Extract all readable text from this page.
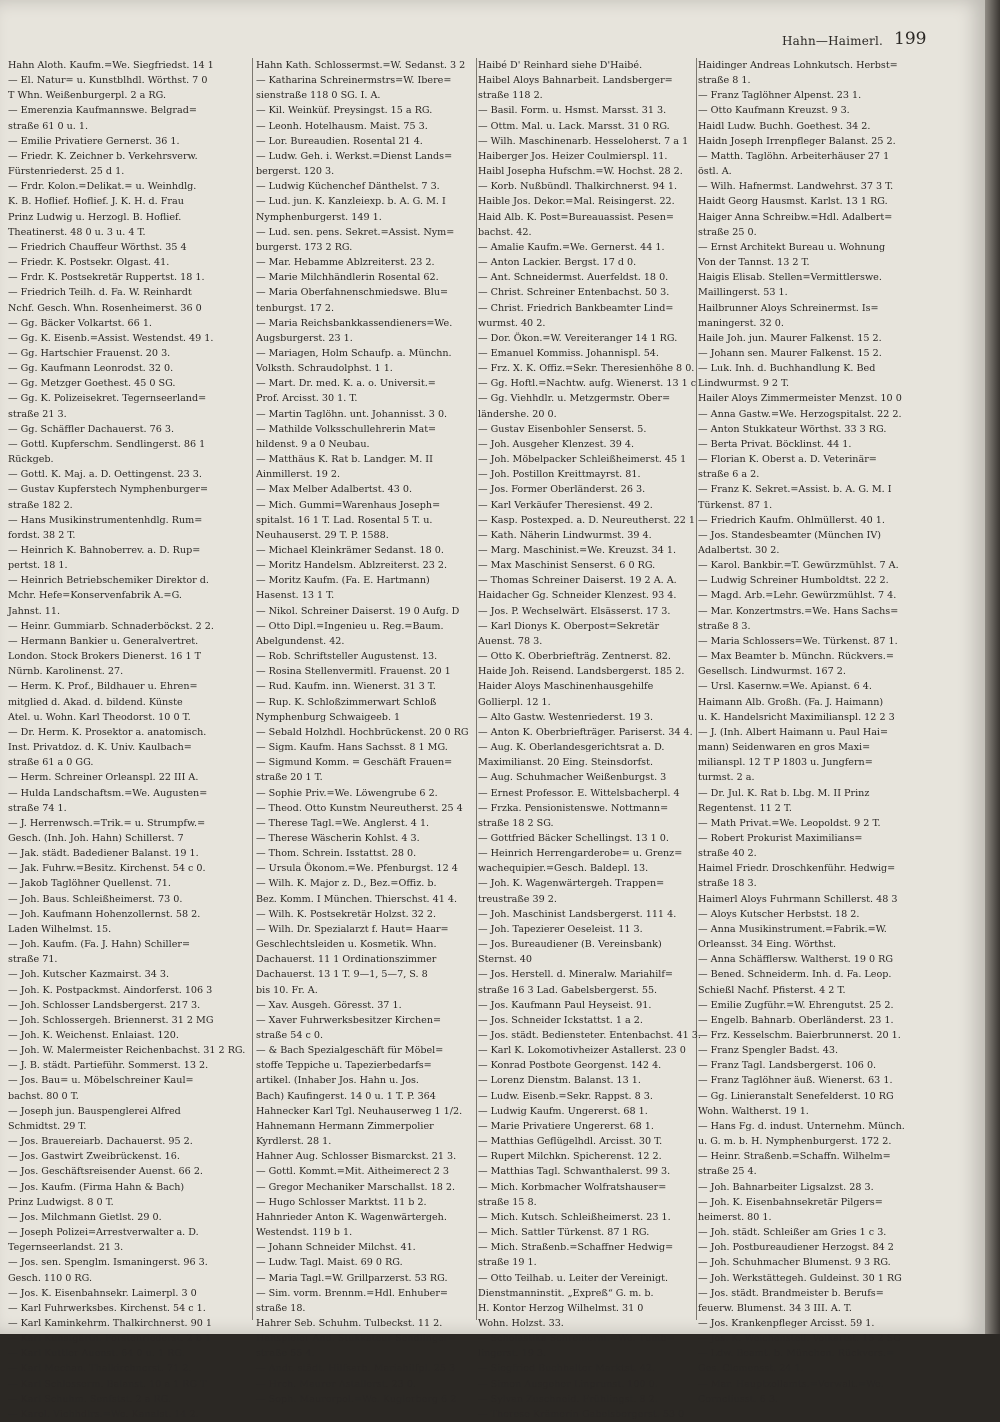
Hahn—Haimerl. 199
Hahn Aloth. Kaufm.=We. Siegfriedst. 14 1
— El. Natur= u. Kunstblhdl. Wörthst. 7 0
T Whn. Weißenburgerpl. 2 a RG.
— Emerenzia Kaufmannswe. Belgrad=
straße 61 0 u. 1.
— Emilie Privatiere Gernerst. 36 1.
— Friedr. K. Zeichner b. Verkehrsverw.
Fürstenriederst. 25 d 1.
— Frdr. Kolon.=Delikat.= u. Weinhdlg.
K. B. Hoflief. Hoflief. J. K. H. d. Frau
Prinz Ludwig u. Herzogl. B. Hoflief.
Theatinerst. 48 0 u. 3 u. 4 T.
— Friedrich Chauffeur Wörthst. 35 4
— Friedr. K. Postsekr. Olgast. 41.
— Frdr. K. Postsekretär Ruppertst. 18 1.
— Friedrich Teilh. d. Fa. W. Reinhardt
Nchf. Gesch. Whn. Rosenheimerst. 36 0
— Gg. Bäcker Volkartst. 66 1.
— Gg. K. Eisenb.=Assist. Westendst. 49 1.
— Gg. Hartschier Frauenst. 20 3.
— Gg. Kaufmann Leonrodst. 32 0.
— Gg. Metzger Goethest. 45 0 SG.
— Gg. K. Polizeisekret. Tegernseerland=
straße 21 3.
— Gg. Schäffler Dachauerst. 76 3.
— Gottl. Kupferschm. Sendlingerst. 86 1
Rückgeb.
— Gottl. K. Maj. a. D. Oettingenst. 23 3.
— Gustav Kupferstech Nymphenburger=
straße 182 2.
— Hans Musikinstrumentenhdlg. Rum=
fordst. 38 2 T.
— Heinrich K. Bahnoberrev. a. D. Rup=
pertst. 18 1.
— Heinrich Betriebschemiker Direktor d.
Mchr. Hefe=Konservenfabrik A.=G.
Jahnst. 11.
— Heinr. Gummiarb. Schnaderböckst. 2 2.
— Hermann Bankier u. Generalvertret.
London. Stock Brokers Dienerst. 16 1 T
Nürnb. Karolinenst. 27.
— Herm. K. Prof., Bildhauer u. Ehren=
mitglied d. Akad. d. bildend. Künste
Atel. u. Wohn. Karl Theodorst. 10 0 T.
— Dr. Herm. K. Prosektor a. anatomisch.
Inst. Privatdoz. d. K. Univ. Kaulbach=
straße 61 a 0 GG.
— Herm. Schreiner Orleanspl. 22 III A.
— Hulda Landschaftsm.=We. Augusten=
straße 74 1.
— J. Herrenwsch.=Trik.= u. Strumpfw.=
Gesch. (Inh. Joh. Hahn) Schillerst. 7
— Jak. städt. Badediener Balanst. 19 1.
— Jak. Fuhrw.=Besitz. Kirchenst. 54 c 0.
— Jakob Taglöhner Quellenst. 71.
— Joh. Baus. Schleißheimerst. 73 0.
— Joh. Kaufmann Hohenzollernst. 58 2.
Laden Wilhelmst. 15.
— Joh. Kaufm. (Fa. J. Hahn) Schiller=
straße 71.
— Joh. Kutscher Kazmairst. 34 3.
— Joh. K. Postpackmst. Aindorferst. 106 3
— Joh. Schlosser Landsbergerst. 217 3.
— Joh. Schlossergeh. Briennerst. 31 2 MG
— Joh. K. Weichenst. Enlaiast. 120.
— Joh. W. Malermeister Reichenbachst. 31 2 RG.
— J. B. städt. Partieführ. Sommerst. 13 2.
— Jos. Bau= u. Möbelschreiner Kaul=
bachst. 80 0 T.
— Joseph jun. Bauspenglerei Alfred
Schmidtst. 29 T.
— Jos. Brauereiarb. Dachauerst. 95 2.
— Jos. Gastwirt Zweibrückenst. 16.
— Jos. Geschäftsreisender Auenst. 66 2.
— Jos. Kaufm. (Firma Hahn & Bach)
Prinz Ludwigst. 8 0 T.
— Jos. Milchmann Gietlst. 29 0.
— Joseph Polizei=Arrestverwalter a. D.
Tegernseerlandst. 21 3.
— Jos. sen. Spenglm. Ismaningerst. 96 3.
Gesch. 110 0 RG.
— Jos. K. Eisenbahnsekr. Laimerpl. 3 0
— Karl Fuhrwerksbes. Kirchenst. 54 c 1.
— Karl Kaminkehrm. Thalkirchnerst. 90 1
— Karl Kunstgärtn. Forstenriederst. 2 b 1
— Karl Kuttler Auenst. 64 0 u. 1 RG.
— Karl Mechan. Thalkirchnerst. 71 2.
— Karl Schlosserm. Balanst. 10 a 1 RG T
— Karl Schuhm. Senfstst. 2 a RG.
— Karol. Viehhdlrs.=We. Kanalst. 14 2.
Hahn Kath. Schlossermst.=W. Sedanst. 3 2
— Katharina Schreinermstrs=W. Ibere=
sienstraße 118 0 SG. I. A.
— Kil. Weinküf. Preysingst. 15 a RG.
— Leonh. Hotelhausm. Maist. 75 3.
— Lor. Bureaudien. Rosental 21 4.
— Ludw. Geh. i. Werkst.=Dienst Lands=
bergerst. 120 3.
— Ludwig Küchenchef Dänthelst. 7 3.
— Lud. jun. K. Kanzleiexp. b. A. G. M. I
Nymphenburgerst. 149 1.
— Lud. sen. pens. Sekret.=Assist. Nym=
burgerst. 173 2 RG.
— Mar. Hebamme Ablzreiterst. 23 2.
— Marie Milchhändlerin Rosental 62.
— Maria Oberfahnenschmiedswe. Blu=
tenburgst. 17 2.
— Maria Reichsbankkassendieners=We.
Augsburgerst. 23 1.
— Mariagen, Holm Schaufp. a. Münchn.
Volksth. Schraudolphst. 1 1.
— Mart. Dr. med. K. a. o. Universit.=
Prof. Arcisst. 30 1. T.
— Martin Taglöhn. unt. Johannisst. 3 0.
— Mathilde Volksschullehrerin Mat=
hildenst. 9 a 0 Neubau.
— Matthäus K. Rat b. Landger. M. II
Ainmillerst. 19 2.
— Max Melber Adalbertst. 43 0.
— Mich. Gummi=Warenhaus Joseph=
spitalst. 16 1 T. Lad. Rosental 5 T. u.
Neuhauserst. 29 T. P. 1588.
— Michael Kleinkrämer Sedanst. 18 0.
— Moritz Handelsm. Ablzreiterst. 23 2.
— Moritz Kaufm. (Fa. E. Hartmann)
Hasenst. 13 1 T.
— Nikol. Schreiner Daiserst. 19 0 Aufg. D
— Otto Dipl.=Ingenieu u. Reg.=Baum.
Abelgundenst. 42.
— Rob. Schriftsteller Augustenst. 13.
— Rosina Stellenvermitl. Frauenst. 20 1
— Rud. Kaufm. inn. Wienerst. 31 3 T.
— Rup. K. Schloßzimmerwart Schloß
Nymphenburg Schwaigeeb. 1
— Sebald Holzhdl. Hochbrückenst. 20 0 RG
— Sigm. Kaufm. Hans Sachsst. 8 1 MG.
— Sigmund Komm. = Geschäft Frauen=
straße 20 1 T.
— Sophie Priv.=We. Löwengrube 6 2.
— Theod. Otto Kunstm Neureutherst. 25 4
— Therese Tagl.=We. Anglerst. 4 1.
— Therese Wäscherin Kohlst. 4 3.
— Thom. Schrein. Isstattst. 28 0.
— Ursula Ökonom.=We. Pfenburgst. 12 4
— Wilh. K. Major z. D., Bez.=Offiz. b.
Bez. Komm. I München. Thierschst. 41 4.
— Wilh. K. Postsekretär Holzst. 32 2.
— Wilh. Dr. Spezialarzt f. Haut= Haar=
Geschlechtsleiden u. Kosmetik. Whn.
Dachauerst. 11 1 Ordinationszimmer
Dachauerst. 13 1 T. 9—1, 5—7, S. 8
bis 10. Fr. A.
— Xav. Ausgeh. Göresst. 37 1.
— Xaver Fuhrwerksbesitzer Kirchen=
straße 54 c 0.
— & Bach Spezialgeschäft für Möbel=
stoffe Teppiche u. Tapezierbedarfs=
artikel. (Inhaber Jos. Hahn u. Jos.
Bach) Kaufingerst. 14 0 u. 1 T. P. 364
Hahnecker Karl Tgl. Neuhauserweg 1 1/2.
Hahnemann Hermann Zimmerpolier
Kyrdlerst. 28 1.
Hahner Aug. Schlosser Bismarckst. 21 3.
— Gottl. Kommt.=Mit. Aitheimerect 2 3
— Gregor Mechaniker Marschallst. 18 2.
— Hugo Schlosser Marktst. 11 b 2.
Hahnrieder Anton K. Wagenwärtergeh.
Westendst. 119 b 1.
— Johann Schneider Milchst. 41.
— Ludw. Tagl. Maist. 69 0 RG.
— Maria Tagl.=W. Grillparzerst. 53 RG.
— Sim. vorm. Brennm.=Hdl. Enhuber=
straße 18.
Hahrer Seb. Schuhm. Tulbeckst. 11 2.
Hahspieler And. Stukkateur Sendlinger=
straße 55 4.
— Andr. städt. Hilfsarb. Mariahilfpl. 25 3
— Hrch. Maurer Astallerst. 23 0.
— Soph. Maurerpol.=We. Kuglerberg 6 2
Haibé D' Reinhard siehe D'Haibé.
Haibel Aloys Bahnarbeit. Landsberger=
straße 118 2.
— Basil. Form. u. Hsmst. Marsst. 31 3.
— Ottm. Mal. u. Lack. Marsst. 31 0 RG.
— Wilh. Maschinenarb. Hesseloherst. 7 a 1
Haiberger Jos. Heizer Coulmierspl. 11.
Haibl Josepha Hufschm.=W. Hochst. 28 2.
— Korb. Nußbündl. Thalkirchnerst. 94 1.
Haible Jos. Dekor.=Mal. Reisingerst. 22.
Haid Alb. K. Post=Bureauassist. Pesen=
bachst. 42.
— Amalie Kaufm.=We. Gernerst. 44 1.
— Anton Lackier. Bergst. 17 d 0.
— Ant. Schneidermst. Auerfeldst. 18 0.
— Christ. Schreiner Entenbachst. 50 3.
— Christ. Friedrich Bankbeamter Lind=
wurmst. 40 2.
— Dor. Ökon.=W. Vereiteranger 14 1 RG.
— Emanuel Kommiss. Johannispl. 54.
— Frz. X. K. Offiz.=Sekr. Theresienhöhe 8 0.
— Gg. Hoftl.=Nachtw. aufg. Wienerst. 13 1 c
— Gg. Viehhdlr. u. Metzgermstr. Ober=
ländershe. 20 0.
— Gustav Eisenbohler Senserst. 5.
— Joh. Ausgeher Klenzest. 39 4.
— Joh. Möbelpacker Schleißheimerst. 45 1
— Joh. Postillon Kreittmayrst. 81.
— Jos. Former Oberländerst. 26 3.
— Karl Verkäufer Theresienst. 49 2.
— Kasp. Postexped. a. D. Neureutherst. 22 1
— Kath. Näherin Lindwurmst. 39 4.
— Marg. Maschinist.=We. Kreuzst. 34 1.
— Max Maschinist Senserst. 6 0 RG.
— Thomas Schreiner Daiserst. 19 2 A. A.
Haidacher Gg. Schneider Klenzest. 93 4.
— Jos. P. Wechselwärt. Elsässerst. 17 3.
— Karl Dionys K. Oberpost=Sekretär
Auenst. 78 3.
— Otto K. Oberbriefträg. Zentnerst. 82.
Haide Joh. Reisend. Landsbergerst. 185 2.
Haider Aloys Maschinenhausgehilfe
Gollierpl. 12 1.
— Alto Gastw. Westenriederst. 19 3.
— Anton K. Oberbriefträger. Pariserst. 34 4.
— Aug. K. Oberlandesgerichtsrat a. D.
Maximilianst. 20 Eing. Steinsdorfst.
— Aug. Schuhmacher Weißenburgst. 3
— Ernest Professor. E. Wittelsbacherpl. 4
— Frzka. Pensionistenswe. Nottmann=
straße 18 2 SG.
— Gottfried Bäcker Schellingst. 13 1 0.
— Heinrich Herrengarderobe= u. Grenz=
wachequipier.=Gesch. Baldepl. 13.
— Joh. K. Wagenwärtergeh. Trappen=
treustraße 39 2.
— Joh. Maschinist Landsbergerst. 111 4.
— Joh. Tapezierer Oeseleist. 11 3.
— Jos. Bureaudiener (B. Vereinsbank)
Sternst. 40
— Jos. Herstell. d. Mineralw. Mariahilf=
straße 16 3 Lad. Gabelsbergerst. 55.
— Jos. Kaufmann Paul Heyseist. 91.
— Jos. Schneider Ickstattst. 1 a 2.
— Jos. städt. Bediensteter. Entenbachst. 41 3.
— Karl K. Lokomotivheizer Astallerst. 23 0
— Konrad Postbote Georgenst. 142 4.
— Lorenz Dienstm. Balanst. 13 1.
— Ludw. Eisenb.=Sekr. Rappst. 8 3.
— Ludwig Kaufm. Ungererst. 68 1.
— Marie Privatiere Ungererst. 68 1.
— Matthias Geflügelhdl. Arcisst. 30 T.
— Rupert Milchkn. Spicherenst. 12 2.
— Matthias Tagl. Schwanthalerst. 99 3.
— Mich. Korbmacher Wolfratshauser=
straße 15 8.
— Mich. Kutsch. Schleißheimerst. 23 1.
— Mich. Sattler Türkenst. 87 1 RG.
— Mich. Straßenb.=Schaffner Hedwig=
straße 19 1.
— Otto Teilhab. u. Leiter der Vereinigt.
Dienstmanninstit. „Expreß“ G. m. b.
H. Kontor Herzog Wilhelmst. 31 0
Wohn. Holzst. 33.
— Scholastika Schreinerm.=We. Tumb=
lingerst. 19 3.
— Siegfried Buchhalter Marktst. 42.
— Simon Ausgeher Linprunst. 100 0.
— Sylvan Zuschneid. Frühlingst. 8 2.
— Therese Krämerin Gabelsbergerst. 53 0
Haidinger Andreas Lohnkutsch. Herbst=
straße 8 1.
— Franz Taglöhner Alpenst. 23 1.
— Otto Kaufmann Kreuzst. 9 3.
Haidl Ludw. Buchh. Goethest. 34 2.
Haidn Joseph Irrenpfleger Balanst. 25 2.
— Matth. Taglöhn. Arbeiterhäuser 27 1
östl. A.
— Wilh. Hafnermst. Landwehrst. 37 3 T.
Haidt Georg Hausmst. Karlst. 13 1 RG.
Haiger Anna Schreibw.=Hdl. Adalbert=
straße 25 0.
— Ernst Architekt Bureau u. Wohnung
Von der Tannst. 13 2 T.
Haigis Elisab. Stellen=Vermittlerswe.
Maillingerst. 53 1.
Hailbrunner Aloys Schreinermst. Is=
maningerst. 32 0.
Haile Joh. jun. Maurer Falkenst. 15 2.
— Johann sen. Maurer Falkenst. 15 2.
— Luk. Inh. d. Buchhandlung K. Bed
Lindwurmst. 9 2 T.
Hailer Aloys Zimmermeister Menzst. 10 0
— Anna Gastw.=We. Herzogspitalst. 22 2.
— Anton Stukkateur Wörthst. 33 3 RG.
— Berta Privat. Böcklinst. 44 1.
— Florian K. Oberst a. D. Veterinär=
straße 6 a 2.
— Franz K. Sekret.=Assist. b. A. G. M. I
Türkenst. 87 1.
— Friedrich Kaufm. Ohlmüllerst. 40 1.
— Jos. Standesbeamter (München IV)
Adalbertst. 30 2.
— Karol. Bankbir.=T. Gewürzmühlst. 7 A.
— Ludwig Schreiner Humboldtst. 22 2.
— Magd. Arb.=Lehr. Gewürzmühlst. 7 4.
— Mar. Konzertmstrs.=We. Hans Sachs=
straße 8 3.
— Maria Schlossers=We. Türkenst. 87 1.
— Max Beamter b. Münchn. Rückvers.=
Gesellsch. Lindwurmst. 167 2.
— Ursl. Kasernw.=We. Apianst. 6 4.
Haimann Alb. Großh. (Fa. J. Haimann)
u. K. Handelsricht Maximilianspl. 12 2 3
— J. (Inh. Albert Haimann u. Paul Hai=
mann) Seidenwaren en gros Maxi=
milianspl. 12 T P 1803 u. Jungfern=
turmst. 2 a.
— Dr. Jul. K. Rat b. Lbg. M. II Prinz
Regentenst. 11 2 T.
— Math Privat.=We. Leopoldst. 9 2 T.
— Robert Prokurist Maximilians=
straße 40 2.
Haimel Friedr. Droschkenführ. Hedwig=
straße 18 3.
Haimerl Aloys Fuhrmann Schillerst. 48 3
— Aloys Kutscher Herbstst. 18 2.
— Anna Musikinstrument.=Fabrik.=W.
Orleansst. 34 Eing. Wörthst.
— Anna Schäfflersw. Waltherst. 19 0 RG
— Bened. Schneiderm. Inh. d. Fa. Leop.
Schießl Nachf. Pfisterst. 4 2 T.
— Emilie Zugführ.=W. Ehrengutst. 25 2.
— Engelb. Bahnarb. Oberländerst. 23 1.
— Frz. Kesselschm. Baierbrunnerst. 20 1.
— Franz Spengler Badst. 43.
— Franz Tagl. Landsbergerst. 106 0.
— Franz Taglöhner äuß. Wienerst. 63 1.
— Gg. Linieranstalt Senefelderst. 10 RG
Wohn. Waltherst. 19 1.
— Hans Fg. d. indust. Unternehm. Münch.
u. G. m. b. H. Nymphenburgerst. 172 2.
— Heinr. Straßenb.=Schaffn. Wilhelm=
straße 25 4.
— Joh. Bahnarbeiter Ligsalzst. 28 3.
— Joh. K. Eisenbahnsekretär Pilgers=
heimerst. 80 1.
— Joh. städt. Schleißer am Gries 1 c 3.
— Joh. Postbureaudiener Herzogst. 84 2
— Joh. Schuhmacher Blumenst. 9 3 RG.
— Joh. Werkstättegeh. Guldeinst. 30 1 RG
— Jos. städt. Brandmeister b. Berufs=
feuerw. Blumenst. 34 3 III. A. T.
— Jos. Krankenpfleger Arcisst. 59 1.
— Jos. K. Weichenstell. Volkartst. 15 2 SG
— Ldw. Beamt. b. München. Rückvers.=
Ges. Clemensst. 24 1.
— Mar. Hauptzollamts.=Verwalt.=We.
Corneliusst. 6 3.
